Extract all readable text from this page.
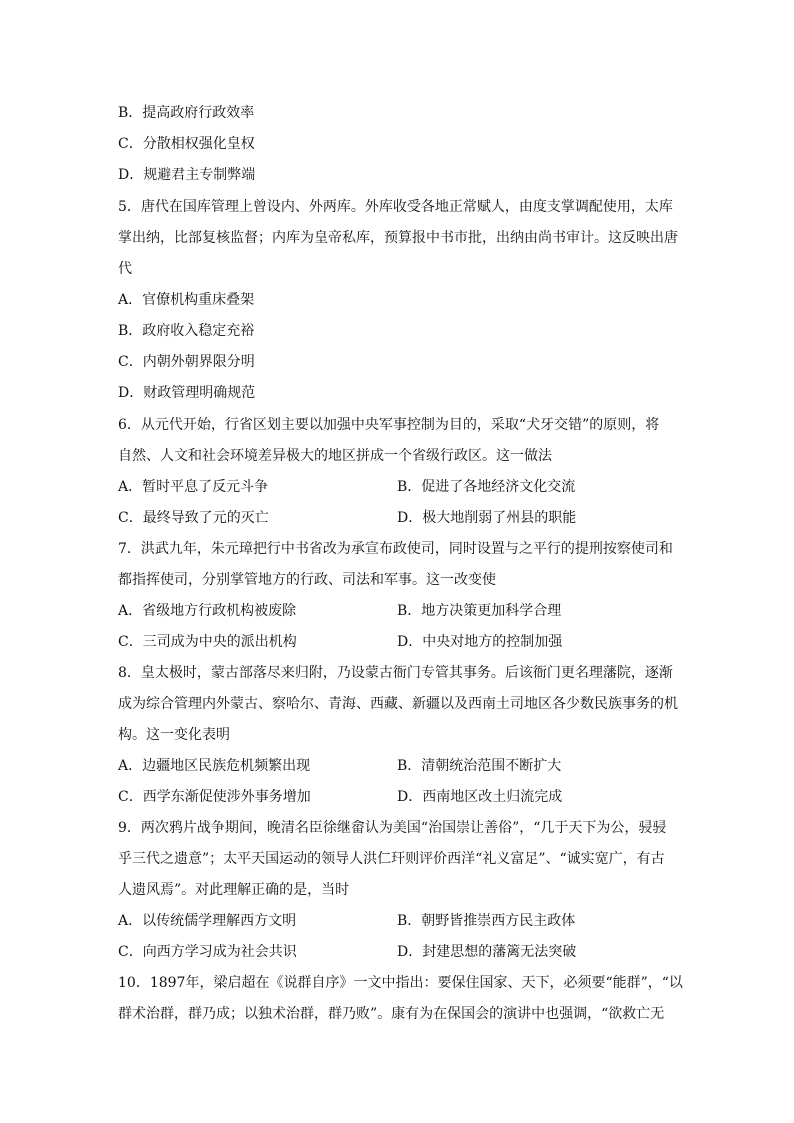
B．提高政府行政效率
C．分散相权强化皇权
D．规避君主专制弊端
5．唐代在国库管理上曾设内、外两库。外库收受各地正常赋人，由度支掌调配使用，太库
掌出纳，比部复核监督；内库为皇帝私库，预算报中书市批，出纳由尚书审计。这反映出唐
代
A．官僚机构重床叠架
B．政府收入稳定充裕
C．内朝外朝界限分明
D．财政管理明确规范
6．从元代开始，行省区划主要以加强中央军事控制为目的，采取“犬牙交错”的原则，将
自然、人文和社会环境差异极大的地区拼成一个省级行政区。这一做法
A．暂时平息了反元斗争	B．促进了各地经济文化交流
C．最终导致了元的灭亡	D．极大地削弱了州县的职能
7．洪武九年，朱元璋把行中书省改为承宣布政使司，同时设置与之平行的提刑按察使司和
都指挥使司，分别掌管地方的行政、司法和军事。这一改变使
A．省级地方行政机构被废除	B．地方决策更加科学合理
C．三司成为中央的派出机构	D．中央对地方的控制加强
8．皇太极时，蒙古部落尽来归附，乃设蒙古衙门专管其事务。后该衙门更名理藩院，逐渐
成为综合管理内外蒙古、察哈尔、青海、西藏、新疆以及西南土司地区各少数民族事务的机
构。这一变化表明
A．边疆地区民族危机频繁出现	B．清朝统治范围不断扩大
C．西学东渐促使涉外事务增加	D．西南地区改土归流完成
9．两次鸦片战争期间，晚清名臣徐继畲认为美国“治国崇让善俗”，“几于天下为公，骎骎
乎三代之遗意”；太平天国运动的领导人洪仁玕则评价西洋“礼义富足”、“诚实宽广，有古
人遗风焉”。对此理解正确的是，当时
A．以传统儒学理解西方文明	B．朝野皆推崇西方民主政体
C．向西方学习成为社会共识	D．封建思想的藩篱无法突破
10．1897年，梁启超在《说群自序》一文中指出：要保住国家、天下，必须要“能群”，“以
群术治群，群乃成；以独术治群，群乃败”。康有为在保国会的演讲中也强调，“欲救亡无
